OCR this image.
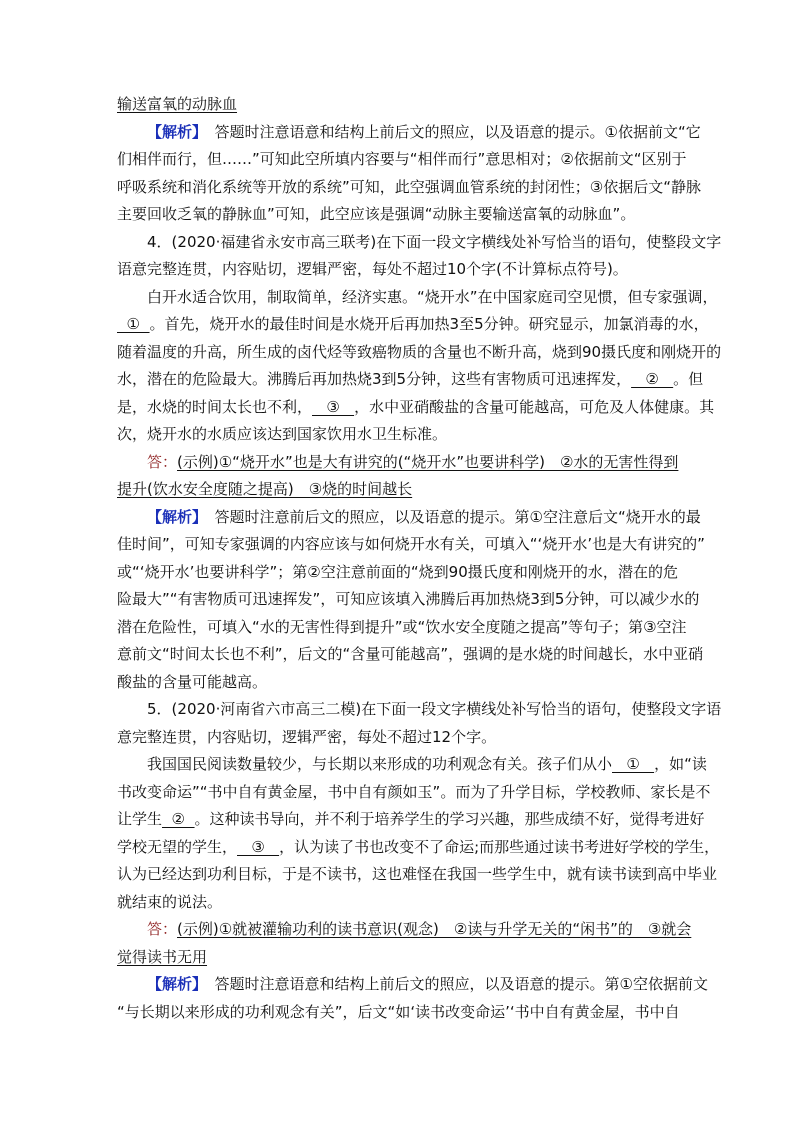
输送富氧的动脉血
【解析】　答题时注意语意和结构上前后文的照应，以及语意的提示。①依据前文“它
们相伴而行，但……”可知此空所填内容要与“相伴而行”意思相对；②依据前文“区别于
呼吸系统和消化系统等开放的系统”可知，此空强调血管系统的封闭性；③依据后文“静脉
主要回收乏氧的静脉血”可知，此空应该是强调“动脉主要输送富氧的动脉血”。
4．(2020·福建省永安市高三联考)在下面一段文字横线处补写恰当的语句，使整段文字
语意完整连贯，内容贴切，逻辑严密，每处不超过10个字(不计算标点符号)。
白开水适合饮用，制取简单，经济实惠。“烧开水”在中国家庭司空见惯，但专家强调，
①  。首先，烧开水的最佳时间是水烧开后再加热3至5分钟。研究显示，加氯消毒的水，
随着温度的升高，所生成的卤代烃等致癌物质的含量也不断升高，烧到90摄氏度和刚烧开的
水，潜在的危险最大。沸腾后再加热烧3到5分钟，这些有害物质可迅速挥发，   ②   。但
是，水烧的时间太长也不利，   ③   ，水中亚硝酸盐的含量可能越高，可危及人体健康。其
次，烧开水的水质应该达到国家饮用水卫生标准。
答：(示例)①“烧开水”也是大有讲究的(“烧开水”也要讲科学)　②水的无害性得到
提升(饮水安全度随之提高)　③烧的时间越长
【解析】　答题时注意前后文的照应，以及语意的提示。第①空注意后文“烧开水的最
佳时间”，可知专家强调的内容应该与如何烧开水有关，可填入“‘烧开水’也是大有讲究的”
或“‘烧开水’也要讲科学”；第②空注意前面的“烧到90摄氏度和刚烧开的水，潜在的危
险最大”“有害物质可迅速挥发”，可知应该填入沸腾后再加热烧3到5分钟，可以减少水的
潜在危险性，可填入“水的无害性得到提升”或“饮水安全度随之提高”等句子；第③空注
意前文“时间太长也不利”，后文的“含量可能越高”，强调的是水烧的时间越长，水中亚硝
酸盐的含量可能越高。
5．(2020·河南省六市高三二模)在下面一段文字横线处补写恰当的语句，使整段文字语
意完整连贯，内容贴切，逻辑严密，每处不超过12个字。
我国国民阅读数量较少，与长期以来形成的功利观念有关。孩子们从小   ①   ，如“读
书改变命运”“书中自有黄金屋，书中自有颜如玉”。而为了升学目标，学校教师、家长是不
让学生  ②  。这种读书导向，并不利于培养学生的学习兴趣，那些成绩不好，觉得考进好
学校无望的学生，   ③   ，认为读了书也改变不了命运;而那些通过读书考进好学校的学生，
认为已经达到功利目标，于是不读书，这也难怪在我国一些学生中，就有读书读到高中毕业
就结束的说法。
答：(示例)①就被灌输功利的读书意识(观念)　②读与升学无关的“闲书”的　③就会
觉得读书无用
【解析】　答题时注意语意和结构上前后文的照应，以及语意的提示。第①空依据前文
“与长期以来形成的功利观念有关”，后文“如‘读书改变命运’‘书中自有黄金屋，书中自
